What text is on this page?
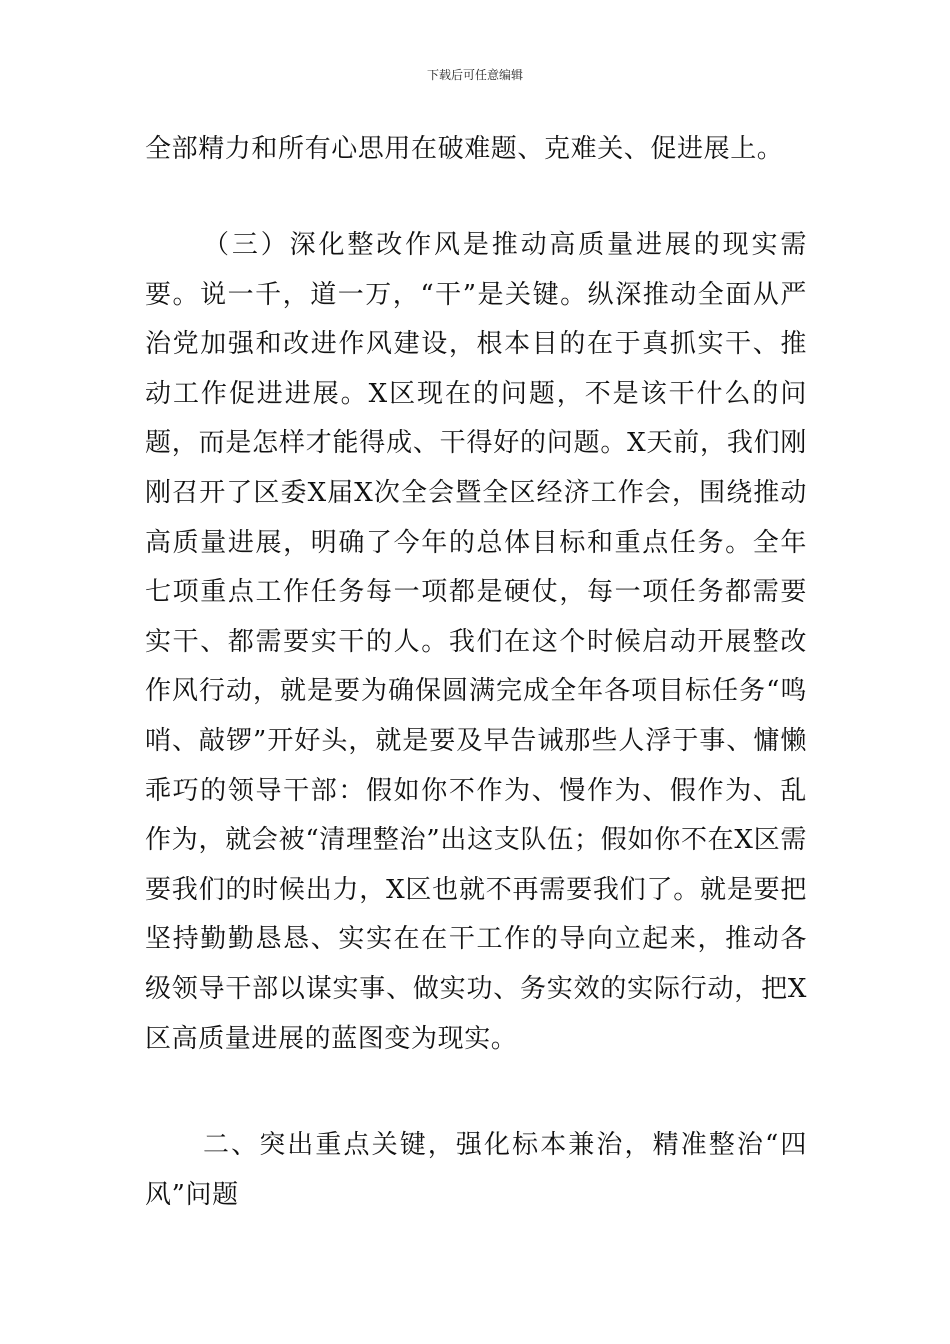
下载后可任意编辑

全部精力和所有心思用在破难题、克难关、促进展上。

（三）深化整改作风是推动高质量进展的现实需要。说一千，道一万，“干”是关键。纵深推动全面从严治党加强和改进作风建设，根本目的在于真抓实干、推动工作促进进展。X区现在的问题，不是该干什么的问题，而是怎样才能得成、干得好的问题。X天前，我们刚刚召开了区委X届X次全会暨全区经济工作会，围绕推动高质量进展，明确了今年的总体目标和重点任务。全年七项重点工作任务每一项都是硬仗，每一项任务都需要实干、都需要实干的人。我们在这个时候启动开展整改作风行动，就是要为确保圆满完成全年各项目标任务“鸣哨、敲锣”开好头，就是要及早告诫那些人浮于事、慵懒乖巧的领导干部：假如你不作为、慢作为、假作为、乱作为，就会被“清理整治”出这支队伍；假如你不在X区需要我们的时候出力，X区也就不再需要我们了。就是要把坚持勤勤恳恳、实实在在干工作的导向立起来，推动各级领导干部以谋实事、做实功、务实效的实际行动，把X区高质量进展的蓝图变为现实。

二、突出重点关键，强化标本兼治，精准整治“四风”问题
